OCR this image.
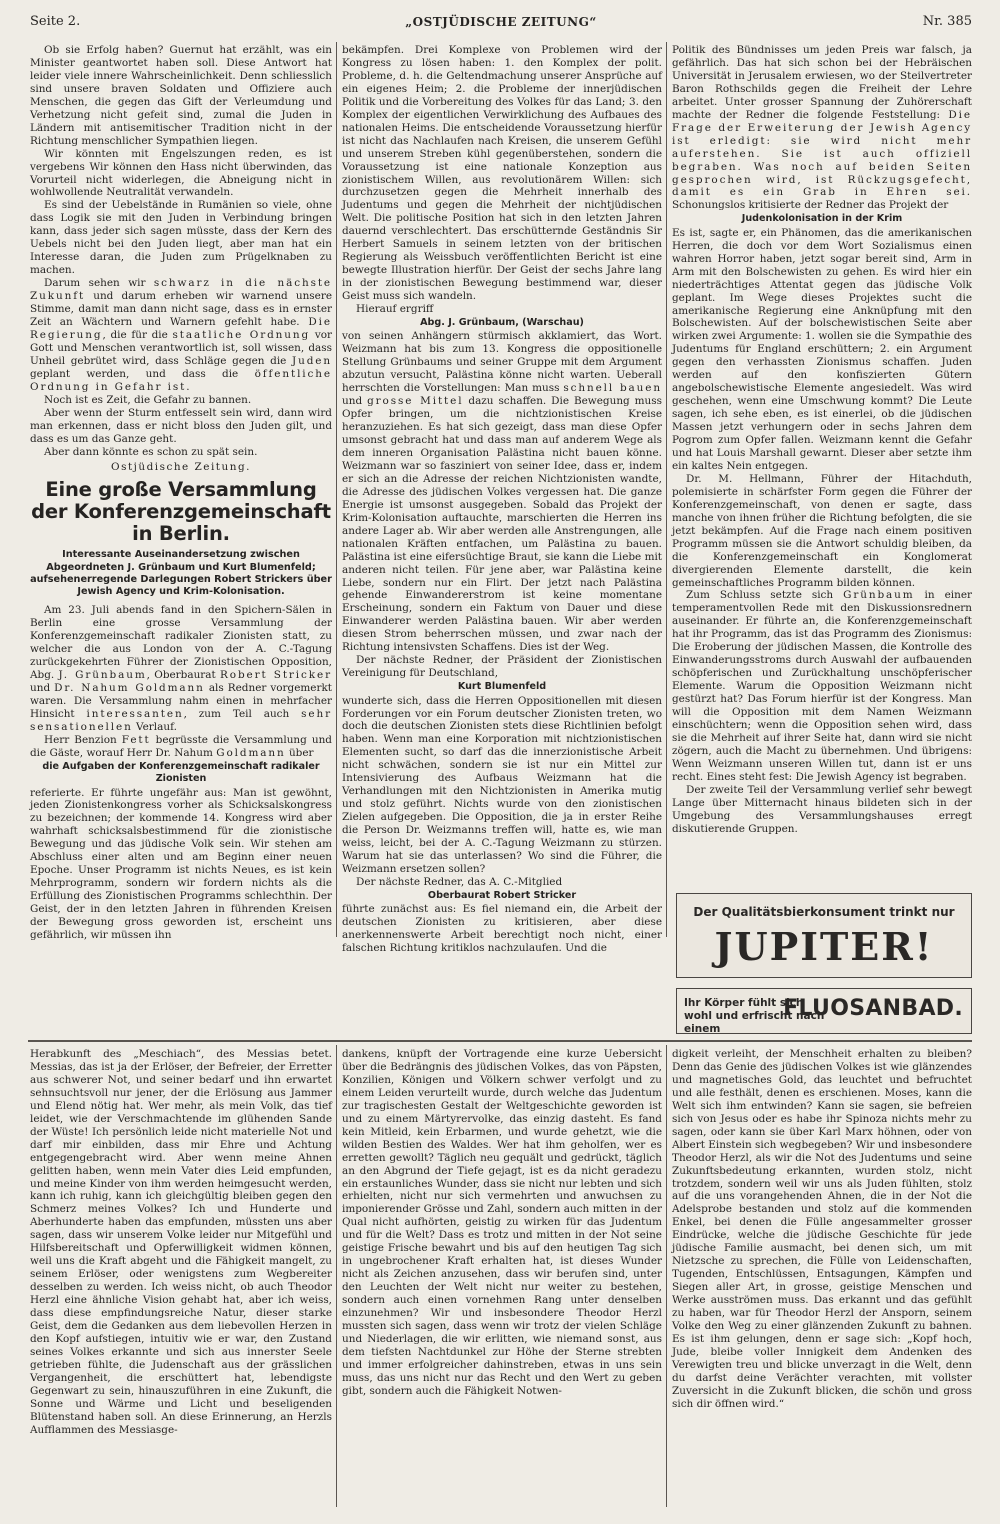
Seite 2.	„OSTJÜDISCHE ZEITUNG“	Nr. 385

Ob sie Erfolg haben? Guernut hat erzählt, was ein Minister geantwortet haben soll. Diese Antwort hat leider viele innere Wahrscheinlichkeit. Denn schliesslich sind unsere braven Soldaten und Offiziere auch Menschen, die gegen das Gift der Verleumdung und Verhetzung nicht gefeit sind, zumal die Juden in Ländern mit antisemitischer Tradition nicht in der Richtung menschlicher Sympathien liegen.

Wir könnten mit Engelszungen reden, es ist vergebens Wir können den Hass nicht überwinden, das Vorurteil nicht widerlegen, die Abneigung nicht in wohlwollende Neutralität verwandeln.

Es sind der Uebelstände in Rumänien so viele, ohne dass Logik sie mit den Juden in Verbindung bringen kann, dass jeder sich sagen müsste, dass der Kern des Uebels nicht bei den Juden liegt, aber man hat ein Interesse daran, die Juden zum Prügelknaben zu machen.

Darum sehen wir schwarz in die nächste Zukunft und darum erheben wir warnend unsere Stimme, damit man dann nicht sage, dass es in ernster Zeit an Wächtern und Warnern gefehlt habe. Die Regierung, die für die staatliche Ordnung vor Gott und Menschen verantwortlich ist, soll wissen, dass Unheil gebrütet wird, dass Schläge gegen die Juden geplant werden, und dass die öffentliche Ordnung in Gefahr ist.

Noch ist es Zeit, die Gefahr zu bannen.

Aber wenn der Sturm entfesselt sein wird, dann wird man erkennen, dass er nicht bloss den Juden gilt, und dass es um das Ganze geht.

Aber dann könnte es schon zu spät sein.

Ostjüdische Zeitung.

Eine große Versammlung der Konferenzgemeinschaft in Berlin.
Interessante Auseinandersetzung zwischen Abgeordneten J. Grünbaum und Kurt Blumenfeld; aufsehenerregende Darlegungen Robert Strickers über Jewish Agency und Krim-Kolonisation.

Am 23. Juli abends fand in den Spichern-Sälen in Berlin eine grosse Versammlung der Konferenzgemeinschaft radikaler Zionisten statt, zu welcher die aus London von der A. C.-Tagung zurückgekehrten Führer der Zionistischen Opposition, Abg. J. Grünbaum, Oberbaurat Robert Stricker und Dr. Nahum Goldmann als Redner vorgemerkt waren. Die Versammlung nahm einen in mehrfacher Hinsicht interessanten, zum Teil auch sehr sensationellen Verlauf.

Herr Benzion Fett begrüsste die Versammlung und die Gäste, worauf Herr Dr. Nahum Goldmann über

die Aufgaben der Konferenzgemeinschaft radikaler Zionisten

referierte. Er führte ungefähr aus: Man ist gewöhnt, jeden Zionistenkongress vorher als Schicksalskongress zu bezeichnen; der kommende 14. Kongress wird aber wahrhaft schicksalsbestimmend für die zionistische Bewegung und das jüdische Volk sein. Wir stehen am Abschluss einer alten und am Beginn einer neuen Epoche. Unser Programm ist nichts Neues, es ist kein Mehrprogramm, sondern wir fordern nichts als die Erfüllung des Zionistischen Programms schlechthin. Der Geist, der in den letzten Jahren in führenden Kreisen der Bewegung gross geworden ist, erscheint uns gefährlich, wir müssen ihn

bekämpfen. Drei Komplexe von Problemen wird der Kongress zu lösen haben: 1. den Komplex der polit. Probleme, d. h. die Geltendmachung unserer Ansprüche auf ein eigenes Heim; 2. die Probleme der innerjüdischen Politik und die Vorbereitung des Volkes für das Land; 3. den Komplex der eigentlichen Verwirklichung des Aufbaues des nationalen Heims. Die entscheidende Voraussetzung hierfür ist nicht das Nachlaufen nach Kreisen, die unserem Gefühl und unserem Streben kühl gegenüberstehen, sondern die Voraussetzung ist eine nationale Konzeption aus zionistischem Willen, aus revolutionärem Willen: sich durchzusetzen gegen die Mehrheit innerhalb des Judentums und gegen die Mehrheit der nichtjüdischen Welt. Die politische Position hat sich in den letzten Jahren dauernd verschlechtert. Das erschütternde Geständnis Sir Herbert Samuels in seinem letzten von der britischen Regierung als Weissbuch veröffentlichten Bericht ist eine bewegte Illustration hierfür. Der Geist der sechs Jahre lang in der zionistischen Bewegung bestimmend war, dieser Geist muss sich wandeln.

Hierauf ergriff

Abg. J. Grünbaum, (Warschau)

von seinen Anhängern stürmisch akklamiert, das Wort. Weizmann hat bis zum 13. Kongress die oppositionelle Stellung Grünbaums und seiner Gruppe mit dem Argument abzutun versucht, Palästina könne nicht warten. Ueberall herrschten die Vorstellungen: Man muss schnell bauen und grosse Mittel dazu schaffen. Die Bewegung muss Opfer bringen, um die nichtzionistischen Kreise heranzuziehen. Es hat sich gezeigt, dass man diese Opfer umsonst gebracht hat und dass man auf anderem Wege als dem inneren Organisation Palästina nicht bauen könne. Weizmann war so fasziniert von seiner Idee, dass er, indem er sich an die Adresse der reichen Nichtzionisten wandte, die Adresse des jüdischen Volkes vergessen hat. Die ganze Energie ist umsonst ausgegeben. Sobald das Projekt der Krim-Kolonisation auftauchte, marschierten die Herren ins andere Lager ab. Wir aber werden alle Anstrengungen, alle nationalen Kräften entfachen, um Palästina zu bauen. Palästina ist eine eifersüchtige Braut, sie kann die Liebe mit anderen nicht teilen. Für jene aber, war Palästina keine Liebe, sondern nur ein Flirt. Der jetzt nach Palästina gehende Einwandererstrom ist keine momentane Erscheinung, sondern ein Faktum von Dauer und diese Einwanderer werden Palästina bauen. Wir aber werden diesen Strom beherrschen müssen, und zwar nach der Richtung intensivsten Schaffens. Dies ist der Weg.

Der nächste Redner, der Präsident der Zionistischen Vereinigung für Deutschland,

Kurt Blumenfeld

wunderte sich, dass die Herren Oppositionellen mit diesen Forderungen vor ein Forum deutscher Zionisten treten, wo doch die deutschen Zionisten stets diese Richtlinien befolgt haben. Wenn man eine Korporation mit nichtzionistischen Elementen sucht, so darf das die innerzionistische Arbeit nicht schwächen, sondern sie ist nur ein Mittel zur Intensivierung des Aufbaus Weizmann hat die Verhandlungen mit den Nichtzionisten in Amerika mutig und stolz geführt. Nichts wurde von den zionistischen Zielen aufgegeben. Die Opposition, die ja in erster Reihe die Person Dr. Weizmanns treffen will, hatte es, wie man weiss, leicht, bei der A. C.-Tagung Weizmann zu stürzen. Warum hat sie das unterlassen? Wo sind die Führer, die Weizmann ersetzen sollen?

Der nächste Redner, das A. C.-Mitglied

Oberbaurat Robert Stricker

führte zunächst aus: Es fiel niemand ein, die Arbeit der deutschen Zionisten zu kritisieren, aber diese anerkennenswerte Arbeit berechtigt noch nicht, einer falschen Richtung kritiklos nachzulaufen. Und die

Politik des Bündnisses um jeden Preis war falsch, ja gefährlich. Das hat sich schon bei der Hebräischen Universität in Jerusalem erwiesen, wo der Steilvertreter Baron Rothschilds gegen die Freiheit der Lehre arbeitet. Unter grosser Spannung der Zuhörerschaft machte der Redner die folgende Feststellung: Die Frage der Erweiterung der Jewish Agency ist erledigt: sie wird nicht mehr auferstehen. Sie ist auch offiziell begraben. Was noch auf beiden Seiten gesprochen wird, ist Rückzugsgefecht, damit es ein Grab in Ehren sei. Schonungslos kritisierte der Redner das Projekt der

Judenkolonisation in der Krim

Es ist, sagte er, ein Phänomen, das die amerikanischen Herren, die doch vor dem Wort Sozialismus einen wahren Horror haben, jetzt sogar bereit sind, Arm in Arm mit den Bolschewisten zu gehen. Es wird hier ein niederträchtiges Attentat gegen das jüdische Volk geplant. Im Wege dieses Projektes sucht die amerikanische Regierung eine Anknüpfung mit den Bolschewisten. Auf der bolschewistischen Seite aber wirken zwei Argumente: 1. wollen sie die Sympathie des Judentums für England erschüttern; 2. ein Argument gegen den verhassten Zionismus schaffen. Juden werden auf den konfiszierten Gütern angebolschewistische Elemente angesiedelt. Was wird geschehen, wenn eine Umschwung kommt? Die Leute sagen, ich sehe eben, es ist einerlei, ob die jüdischen Massen jetzt verhungern oder in sechs Jahren dem Pogrom zum Opfer fallen. Weizmann kennt die Gefahr und hat Louis Marshall gewarnt. Dieser aber setzte ihm ein kaltes Nein entgegen.

Dr. M. Hellmann, Führer der Hitachduth, polemisierte in schärfster Form gegen die Führer der Konferenzgemeinschaft, von denen er sagte, dass manche von ihnen früher die Richtung befolgten, die sie jetzt bekämpfen. Auf die Frage nach einem positiven Programm müssen sie die Antwort schuldig bleiben, da die Konferenzgemeinschaft ein Konglomerat divergierenden Elemente darstellt, die kein gemeinschaftliches Programm bilden können.

Zum Schluss setzte sich Grünbaum in einer temperamentvollen Rede mit den Diskussionsrednern auseinander. Er führte an, die Konferenzgemeinschaft hat ihr Programm, das ist das Programm des Zionismus: Die Eroberung der jüdischen Massen, die Kontrolle des Einwanderungsstroms durch Auswahl der aufbauenden schöpferischen und Zurückhaltung unschöpferischer Elemente. Warum die Opposition Weizmann nicht gestürzt hat? Das Forum hierfür ist der Kongress. Man will die Opposition mit dem Namen Weizmann einschüchtern; wenn die Opposition sehen wird, dass sie die Mehrheit auf ihrer Seite hat, dann wird sie nicht zögern, auch die Macht zu übernehmen. Und übrigens: Wenn Weizmann unseren Willen tut, dann ist er uns recht. Eines steht fest: Die Jewish Agency ist begraben.

Der zweite Teil der Versammlung verlief sehr bewegt Lange über Mitternacht hinaus bildeten sich in der Umgebung des Versammlungshauses erregt diskutierende Gruppen.

Der Qualitätsbierkonsument trinkt nur
JUPITER!
Ihr Körper fühlt sich wohl und erfrischt nach einem
FLUOSANBAD.

Herabkunft des „Meschiach“, des Messias betet. Messias, das ist ja der Erlöser, der Befreier, der Erretter aus schwerer Not, und seiner bedarf und ihn erwartet sehnsuchtsvoll nur jener, der die Erlösung aus Jammer und Elend nötig hat. Wer mehr, als mein Volk, das tief leidet, wie der Verschmachtende im glühenden Sande der Wüste! Ich persönlich leide nicht materielle Not und darf mir einbilden, dass mir Ehre und Achtung entgegengebracht wird. Aber wenn meine Ahnen gelitten haben, wenn mein Vater dies Leid empfunden, und meine Kinder von ihm werden heimgesucht werden, kann ich ruhig, kann ich gleichgültig bleiben gegen den Schmerz meines Volkes? Ich und Hunderte und Aberhunderte haben das empfunden, müssten uns aber sagen, dass wir unserem Volke leider nur Mitgefühl und Hilfsbereitschaft und Opferwilligkeit widmen können, weil uns die Kraft abgeht und die Fähigkeit mangelt, zu seinem Erlöser, oder wenigstens zum Wegbereiter desselben zu werden. Ich weiss nicht, ob auch Theodor Herzl eine ähnliche Vision gehabt hat, aber ich weiss, dass diese empfindungsreiche Natur, dieser starke Geist, dem die Gedanken aus dem liebevollen Herzen in den Kopf aufstiegen, intuitiv wie er war, den Zustand seines Volkes erkannte und sich aus innerster Seele getrieben fühlte, die Judenschaft aus der grässlichen Vergangenheit, die erschüttert hat, lebendigste Gegenwart zu sein, hinauszuführen in eine Zukunft, die Sonne und Wärme und Licht und beseligenden Blütenstand haben soll. An diese Erinnerung, an Herzls Aufflammen des Messiasge-

dankens, knüpft der Vortragende eine kurze Uebersicht über die Bedrängnis des jüdischen Volkes, das von Päpsten, Konzilien, Königen und Völkern schwer verfolgt und zu einem Leiden verurteilt wurde, durch welche das Judentum zur tragischesten Gestalt der Weltgeschichte geworden ist und zu einem Märtyrervolke, das einzig dasteht. Es fand kein Mitleid, kein Erbarmen, und wurde gehetzt, wie die wilden Bestien des Waldes. Wer hat ihm geholfen, wer es erretten gewollt? Täglich neu gequält und gedrückt, täglich an den Abgrund der Tiefe gejagt, ist es da nicht geradezu ein erstaunliches Wunder, dass sie nicht nur lebten und sich erhielten, nicht nur sich vermehrten und anwuchsen zu imponierender Grösse und Zahl, sondern auch mitten in der Qual nicht aufhörten, geistig zu wirken für das Judentum und für die Welt? Dass es trotz und mitten in der Not seine geistige Frische bewahrt und bis auf den heutigen Tag sich in ungebrochener Kraft erhalten hat, ist dieses Wunder nicht als Zeichen anzusehen, dass wir berufen sind, unter den Leuchten der Welt nicht nur weiter zu bestehen, sondern auch einen vornehmen Rang unter denselben einzunehmen? Wir und insbesondere Theodor Herzl mussten sich sagen, dass wenn wir trotz der vielen Schläge und Niederlagen, die wir erlitten, wie niemand sonst, aus dem tiefsten Nachtdunkel zur Höhe der Sterne strebten und immer erfolgreicher dahinstreben, etwas in uns sein muss, das uns nicht nur das Recht und den Wert zu geben gibt, sondern auch die Fähigkeit Notwen-

digkeit verleiht, der Menschheit erhalten zu bleiben? Denn das Genie des jüdischen Volkes ist wie glänzendes und magnetisches Gold, das leuchtet und befruchtet und alle festhält, denen es erschienen. Moses, kann die Welt sich ihm entwinden? Kann sie sagen, sie befreien sich von Jesus oder es habe ihr Spinoza nichts mehr zu sagen, oder kann sie über Karl Marx höhnen, oder von Albert Einstein sich wegbegeben? Wir und insbesondere Theodor Herzl, als wir die Not des Judentums und seine Zukunftsbedeutung erkannten, wurden stolz, nicht trotzdem, sondern weil wir uns als Juden fühlten, stolz auf die uns vorangehenden Ahnen, die in der Not die Adelsprobe bestanden und stolz auf die kommenden Enkel, bei denen die Fülle angesammelter grosser Eindrücke, welche die jüdische Geschichte für jede jüdische Familie ausmacht, bei denen sich, um mit Nietzsche zu sprechen, die Fülle von Leidenschaften, Tugenden, Entschlüssen, Entsagungen, Kämpfen und Siegen aller Art, in grosse, geistige Menschen und Werke ausströmen muss. Das erkannt und das gefühlt zu haben, war für Theodor Herzl der Ansporn, seinem Volke den Weg zu einer glänzenden Zukunft zu bahnen. Es ist ihm gelungen, denn er sage sich: „Kopf hoch, Jude, bleibe voller Innigkeit dem Andenken des Verewigten treu und blicke unverzagt in die Welt, denn du darfst deine Verächter verachten, mit vollster Zuversicht in die Zukunft blicken, die schön und gross sich dir öffnen wird.“
